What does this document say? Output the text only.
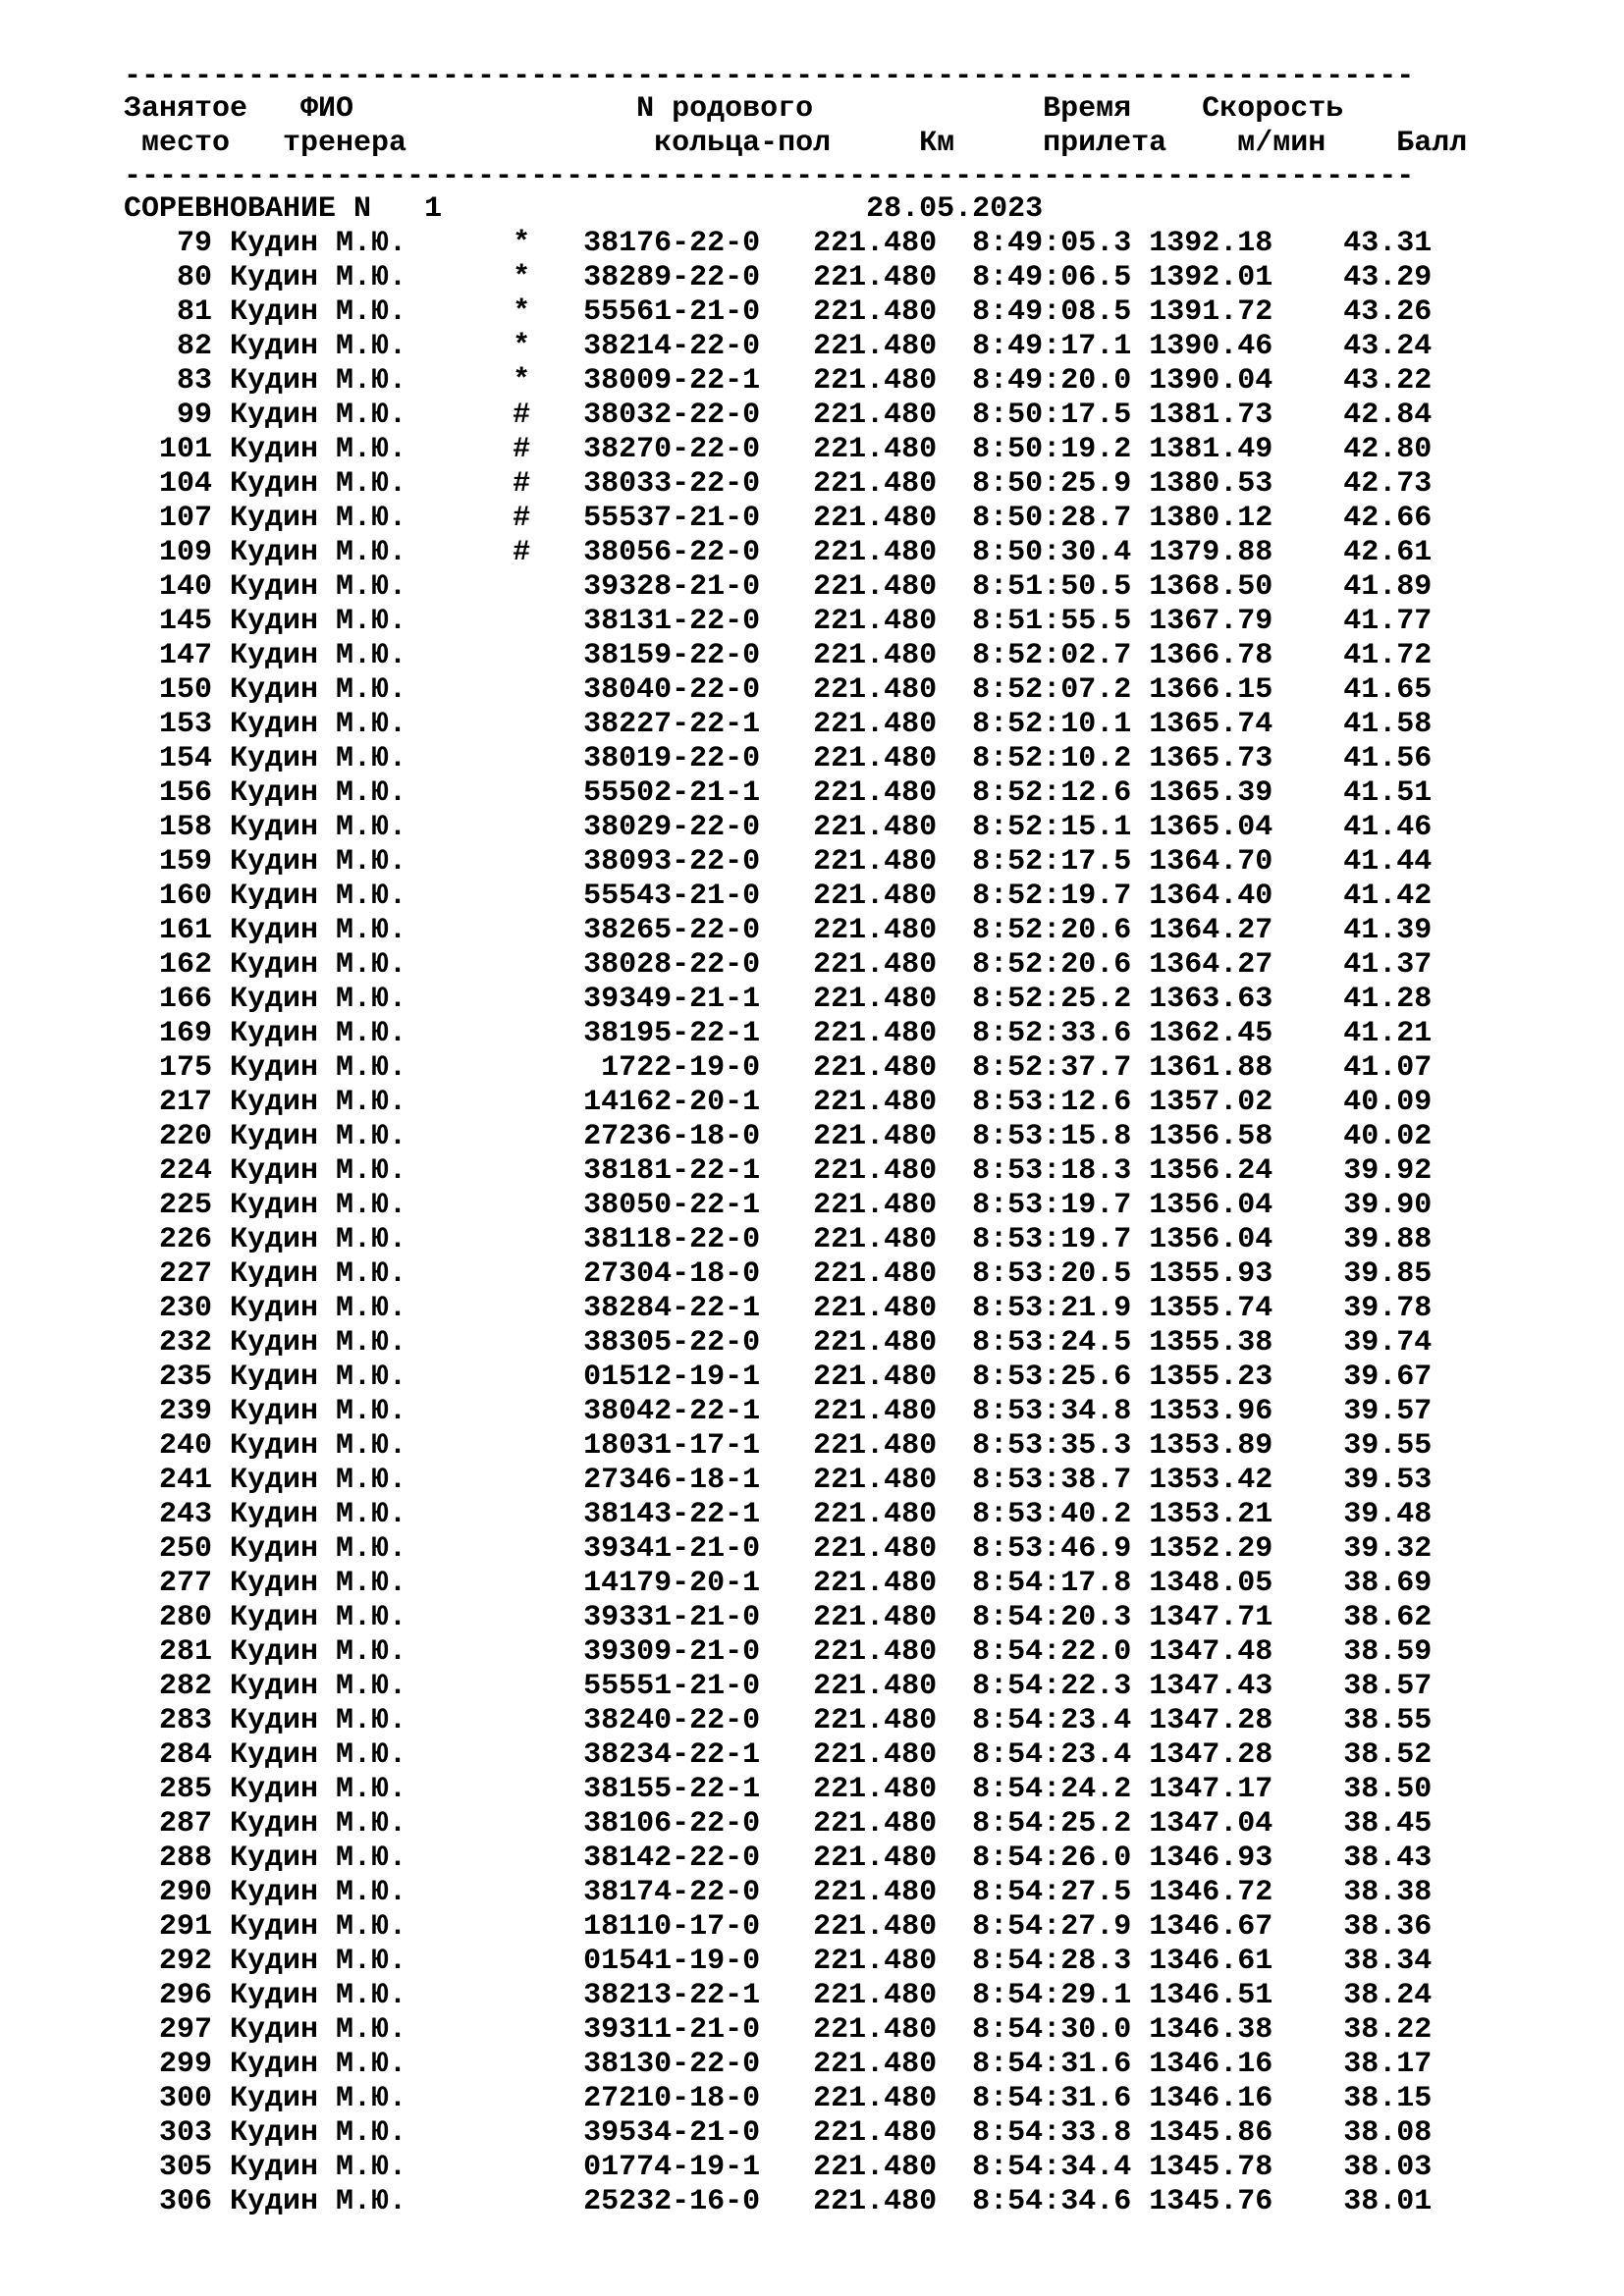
-------------------------------------------------------------------------
Занятое   ФИО                N родового             Время    Скорость
место   тренера              кольца-пол     Км     прилета    м/мин    Балл
-------------------------------------------------------------------------
СОРЕВНОВАНИЕ N 1	28.05.2023
79 Кудин М.Ю.      *   38176-22-0   221.480  8:49:05.3 1392.18    43.31
80 Кудин М.Ю.      *   38289-22-0   221.480  8:49:06.5 1392.01    43.29
81 Кудин М.Ю.      *   55561-21-0   221.480  8:49:08.5 1391.72    43.26
82 Кудин М.Ю.      *   38214-22-0   221.480  8:49:17.1 1390.46    43.24
83 Кудин М.Ю.      *   38009-22-1   221.480  8:49:20.0 1390.04    43.22
99 Кудин М.Ю.      #   38032-22-0   221.480  8:50:17.5 1381.73    42.84
101 Кудин М.Ю.      #   38270-22-0   221.480  8:50:19.2 1381.49    42.80
104 Кудин М.Ю.      #   38033-22-0   221.480  8:50:25.9 1380.53    42.73
107 Кудин М.Ю.      #   55537-21-0   221.480  8:50:28.7 1380.12    42.66
109 Кудин М.Ю.      #   38056-22-0   221.480  8:50:30.4 1379.88    42.61
140 Кудин М.Ю.	39328-21-0   221.480  8:51:50.5 1368.50    41.89
145 Кудин М.Ю.	38131-22-0   221.480  8:51:55.5 1367.79    41.77
147 Кудин М.Ю.	38159-22-0   221.480  8:52:02.7 1366.78    41.72
150 Кудин М.Ю.	38040-22-0   221.480  8:52:07.2 1366.15    41.65
153 Кудин М.Ю.	38227-22-1   221.480  8:52:10.1 1365.74    41.58
154 Кудин М.Ю.	38019-22-0   221.480  8:52:10.2 1365.73    41.56
156 Кудин М.Ю.	55502-21-1   221.480  8:52:12.6 1365.39    41.51
158 Кудин М.Ю.	38029-22-0   221.480  8:52:15.1 1365.04    41.46
159 Кудин М.Ю.	38093-22-0   221.480  8:52:17.5 1364.70    41.44
160 Кудин М.Ю.	55543-21-0   221.480  8:52:19.7 1364.40    41.42
161 Кудин М.Ю.	38265-22-0   221.480  8:52:20.6 1364.27    41.39
162 Кудин М.Ю.	38028-22-0   221.480  8:52:20.6 1364.27    41.37
166 Кудин М.Ю.	39349-21-1   221.480  8:52:25.2 1363.63    41.28
169 Кудин М.Ю.	38195-22-1   221.480  8:52:33.6 1362.45    41.21
175 Кудин М.Ю.	1722-19-0   221.480  8:52:37.7 1361.88    41.07
217 Кудин М.Ю.	14162-20-1   221.480  8:53:12.6 1357.02    40.09
220 Кудин М.Ю.	27236-18-0   221.480  8:53:15.8 1356.58    40.02
224 Кудин М.Ю.	38181-22-1   221.480  8:53:18.3 1356.24    39.92
225 Кудин М.Ю.	38050-22-1   221.480  8:53:19.7 1356.04    39.90
226 Кудин М.Ю.	38118-22-0   221.480  8:53:19.7 1356.04    39.88
227 Кудин М.Ю.	27304-18-0   221.480  8:53:20.5 1355.93    39.85
230 Кудин М.Ю.	38284-22-1   221.480  8:53:21.9 1355.74    39.78
232 Кудин М.Ю.	38305-22-0   221.480  8:53:24.5 1355.38    39.74
235 Кудин М.Ю.	01512-19-1   221.480  8:53:25.6 1355.23    39.67
239 Кудин М.Ю.	38042-22-1   221.480  8:53:34.8 1353.96    39.57
240 Кудин М.Ю.	18031-17-1   221.480  8:53:35.3 1353.89    39.55
241 Кудин М.Ю.	27346-18-1   221.480  8:53:38.7 1353.42    39.53
243 Кудин М.Ю.	38143-22-1   221.480  8:53:40.2 1353.21    39.48
250 Кудин М.Ю.	39341-21-0   221.480  8:53:46.9 1352.29    39.32
277 Кудин М.Ю.	14179-20-1   221.480  8:54:17.8 1348.05    38.69
280 Кудин М.Ю.	39331-21-0   221.480  8:54:20.3 1347.71    38.62
281 Кудин М.Ю.	39309-21-0   221.480  8:54:22.0 1347.48    38.59
282 Кудин М.Ю.	55551-21-0   221.480  8:54:22.3 1347.43    38.57
283 Кудин М.Ю.	38240-22-0   221.480  8:54:23.4 1347.28    38.55
284 Кудин М.Ю.	38234-22-1   221.480  8:54:23.4 1347.28    38.52
285 Кудин М.Ю.	38155-22-1   221.480  8:54:24.2 1347.17    38.50
287 Кудин М.Ю.	38106-22-0   221.480  8:54:25.2 1347.04    38.45
288 Кудин М.Ю.	38142-22-0   221.480  8:54:26.0 1346.93    38.43
290 Кудин М.Ю.	38174-22-0   221.480  8:54:27.5 1346.72    38.38
291 Кудин М.Ю.	18110-17-0   221.480  8:54:27.9 1346.67    38.36
292 Кудин М.Ю.	01541-19-0   221.480  8:54:28.3 1346.61    38.34
296 Кудин М.Ю.	38213-22-1   221.480  8:54:29.1 1346.51    38.24
297 Кудин М.Ю.	39311-21-0   221.480  8:54:30.0 1346.38    38.22
299 Кудин М.Ю.	38130-22-0   221.480  8:54:31.6 1346.16    38.17
300 Кудин М.Ю.	27210-18-0   221.480  8:54:31.6 1346.16    38.15
303 Кудин М.Ю.	39534-21-0   221.480  8:54:33.8 1345.86    38.08
305 Кудин М.Ю.	01774-19-1   221.480  8:54:34.4 1345.78    38.03
306 Кудин М.Ю.	25232-16-0   221.480  8:54:34.6 1345.76    38.01
